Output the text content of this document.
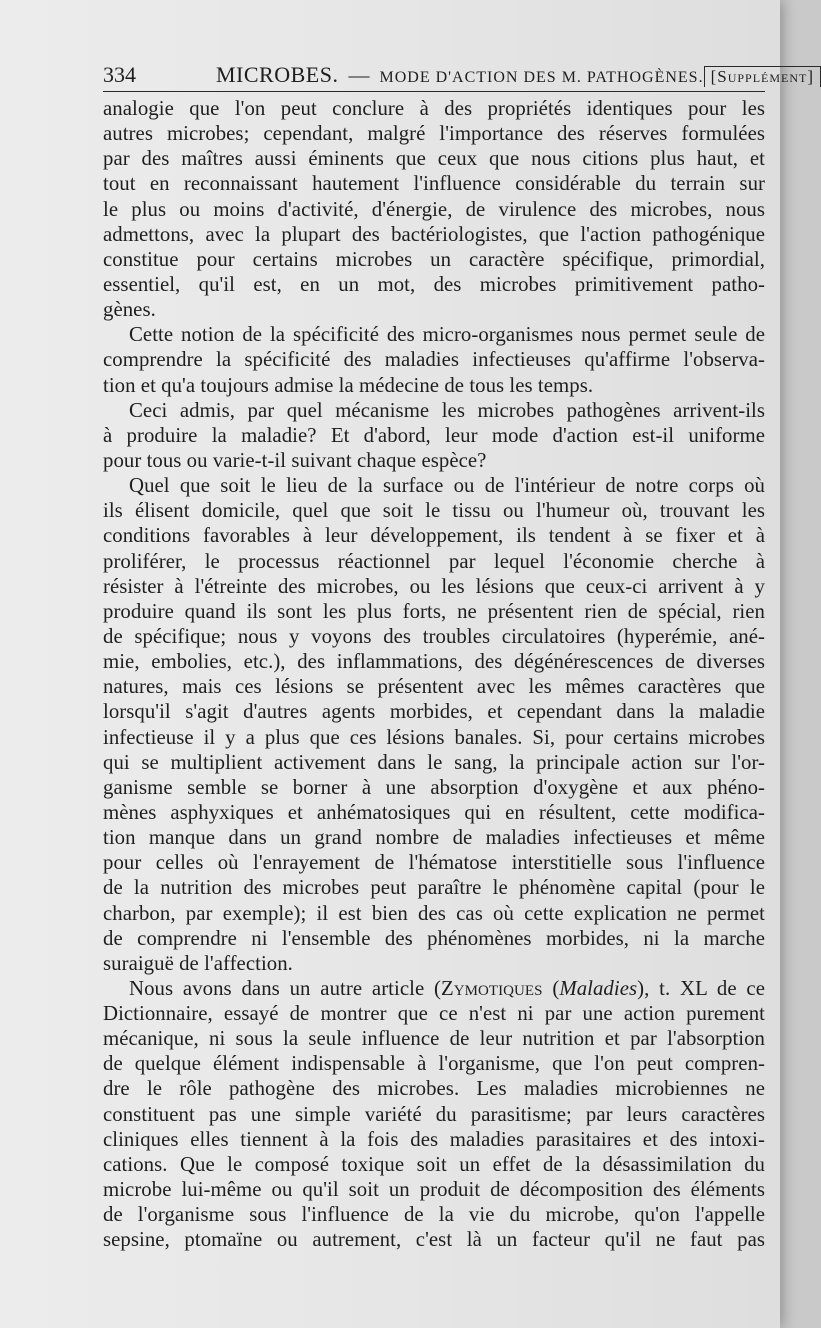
334	MICROBES. — MODE D'ACTION DES M. PATHOGÈNES. [Supplément]
analogie que l'on peut conclure à des propriétés identiques pour les
autres microbes; cependant, malgré l'importance des réserves formulées
par des maîtres aussi éminents que ceux que nous citions plus haut, et
tout en reconnaissant hautement l'influence considérable du terrain sur
le plus ou moins d'activité, d'énergie, de virulence des microbes, nous
admettons, avec la plupart des bactériologistes, que l'action pathogénique
constitue pour certains microbes un caractère spécifique, primordial,
essentiel, qu'il est, en un mot, des microbes primitivement patho-
gènes.
Cette notion de la spécificité des micro-organismes nous permet seule de
comprendre la spécificité des maladies infectieuses qu'affirme l'observa-
tion et qu'a toujours admise la médecine de tous les temps.
Ceci admis, par quel mécanisme les microbes pathogènes arrivent-ils
à produire la maladie? Et d'abord, leur mode d'action est-il uniforme
pour tous ou varie-t-il suivant chaque espèce?
Quel que soit le lieu de la surface ou de l'intérieur de notre corps où
ils élisent domicile, quel que soit le tissu ou l'humeur où, trouvant les
conditions favorables à leur développement, ils tendent à se fixer et à
proliférer, le processus réactionnel par lequel l'économie cherche à
résister à l'étreinte des microbes, ou les lésions que ceux-ci arrivent à y
produire quand ils sont les plus forts, ne présentent rien de spécial, rien
de spécifique; nous y voyons des troubles circulatoires (hyperémie, ané-
mie, embolies, etc.), des inflammations, des dégénérescences de diverses
natures, mais ces lésions se présentent avec les mêmes caractères que
lorsqu'il s'agit d'autres agents morbides, et cependant dans la maladie
infectieuse il y a plus que ces lésions banales. Si, pour certains microbes
qui se multiplient activement dans le sang, la principale action sur l'or-
ganisme semble se borner à une absorption d'oxygène et aux phéno-
mènes asphyxiques et anhématosiques qui en résultent, cette modifica-
tion manque dans un grand nombre de maladies infectieuses et même
pour celles où l'enrayement de l'hématose interstitielle sous l'influence
de la nutrition des microbes peut paraître le phénomène capital (pour le
charbon, par exemple); il est bien des cas où cette explication ne permet
de comprendre ni l'ensemble des phénomènes morbides, ni la marche
suraiguë de l'affection.
Nous avons dans un autre article (Zymotiques (Maladies), t. XL de ce
Dictionnaire, essayé de montrer que ce n'est ni par une action purement
mécanique, ni sous la seule influence de leur nutrition et par l'absorption
de quelque élément indispensable à l'organisme, que l'on peut compren-
dre le rôle pathogène des microbes. Les maladies microbiennes ne
constituent pas une simple variété du parasitisme; par leurs caractères
cliniques elles tiennent à la fois des maladies parasitaires et des intoxi-
cations. Que le composé toxique soit un effet de la désassimilation du
microbe lui-même ou qu'il soit un produit de décomposition des éléments
de l'organisme sous l'influence de la vie du microbe, qu'on l'appelle
sepsine, ptomaïne ou autrement, c'est là un facteur qu'il ne faut pas
